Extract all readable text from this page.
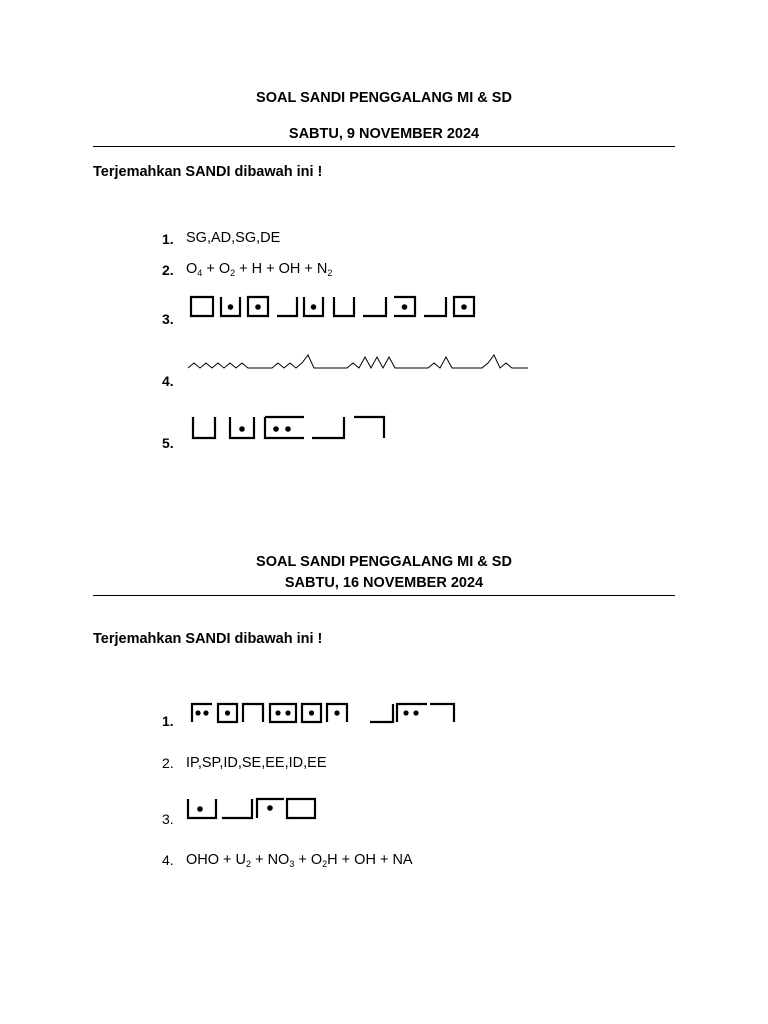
SOAL SANDI PENGGALANG MI & SD
SABTU, 9 NOVEMBER 2024
Terjemahkan SANDI dibawah ini !
1. SG,AD,SG,DE
2. $O_4 + O_2 + H$ + OH + $N_2$
3.
4.
5.
SOAL SANDI PENGGALANG MI & SD
SABTU, 16 NOVEMBER 2024
Terjemahkan SANDI dibawah ini !
1.
2. IP,SP,ID,SE,EE,ID,EE
3.
4. OHO + $U_2 + NO_3 + O_2H$ + OH + NA
